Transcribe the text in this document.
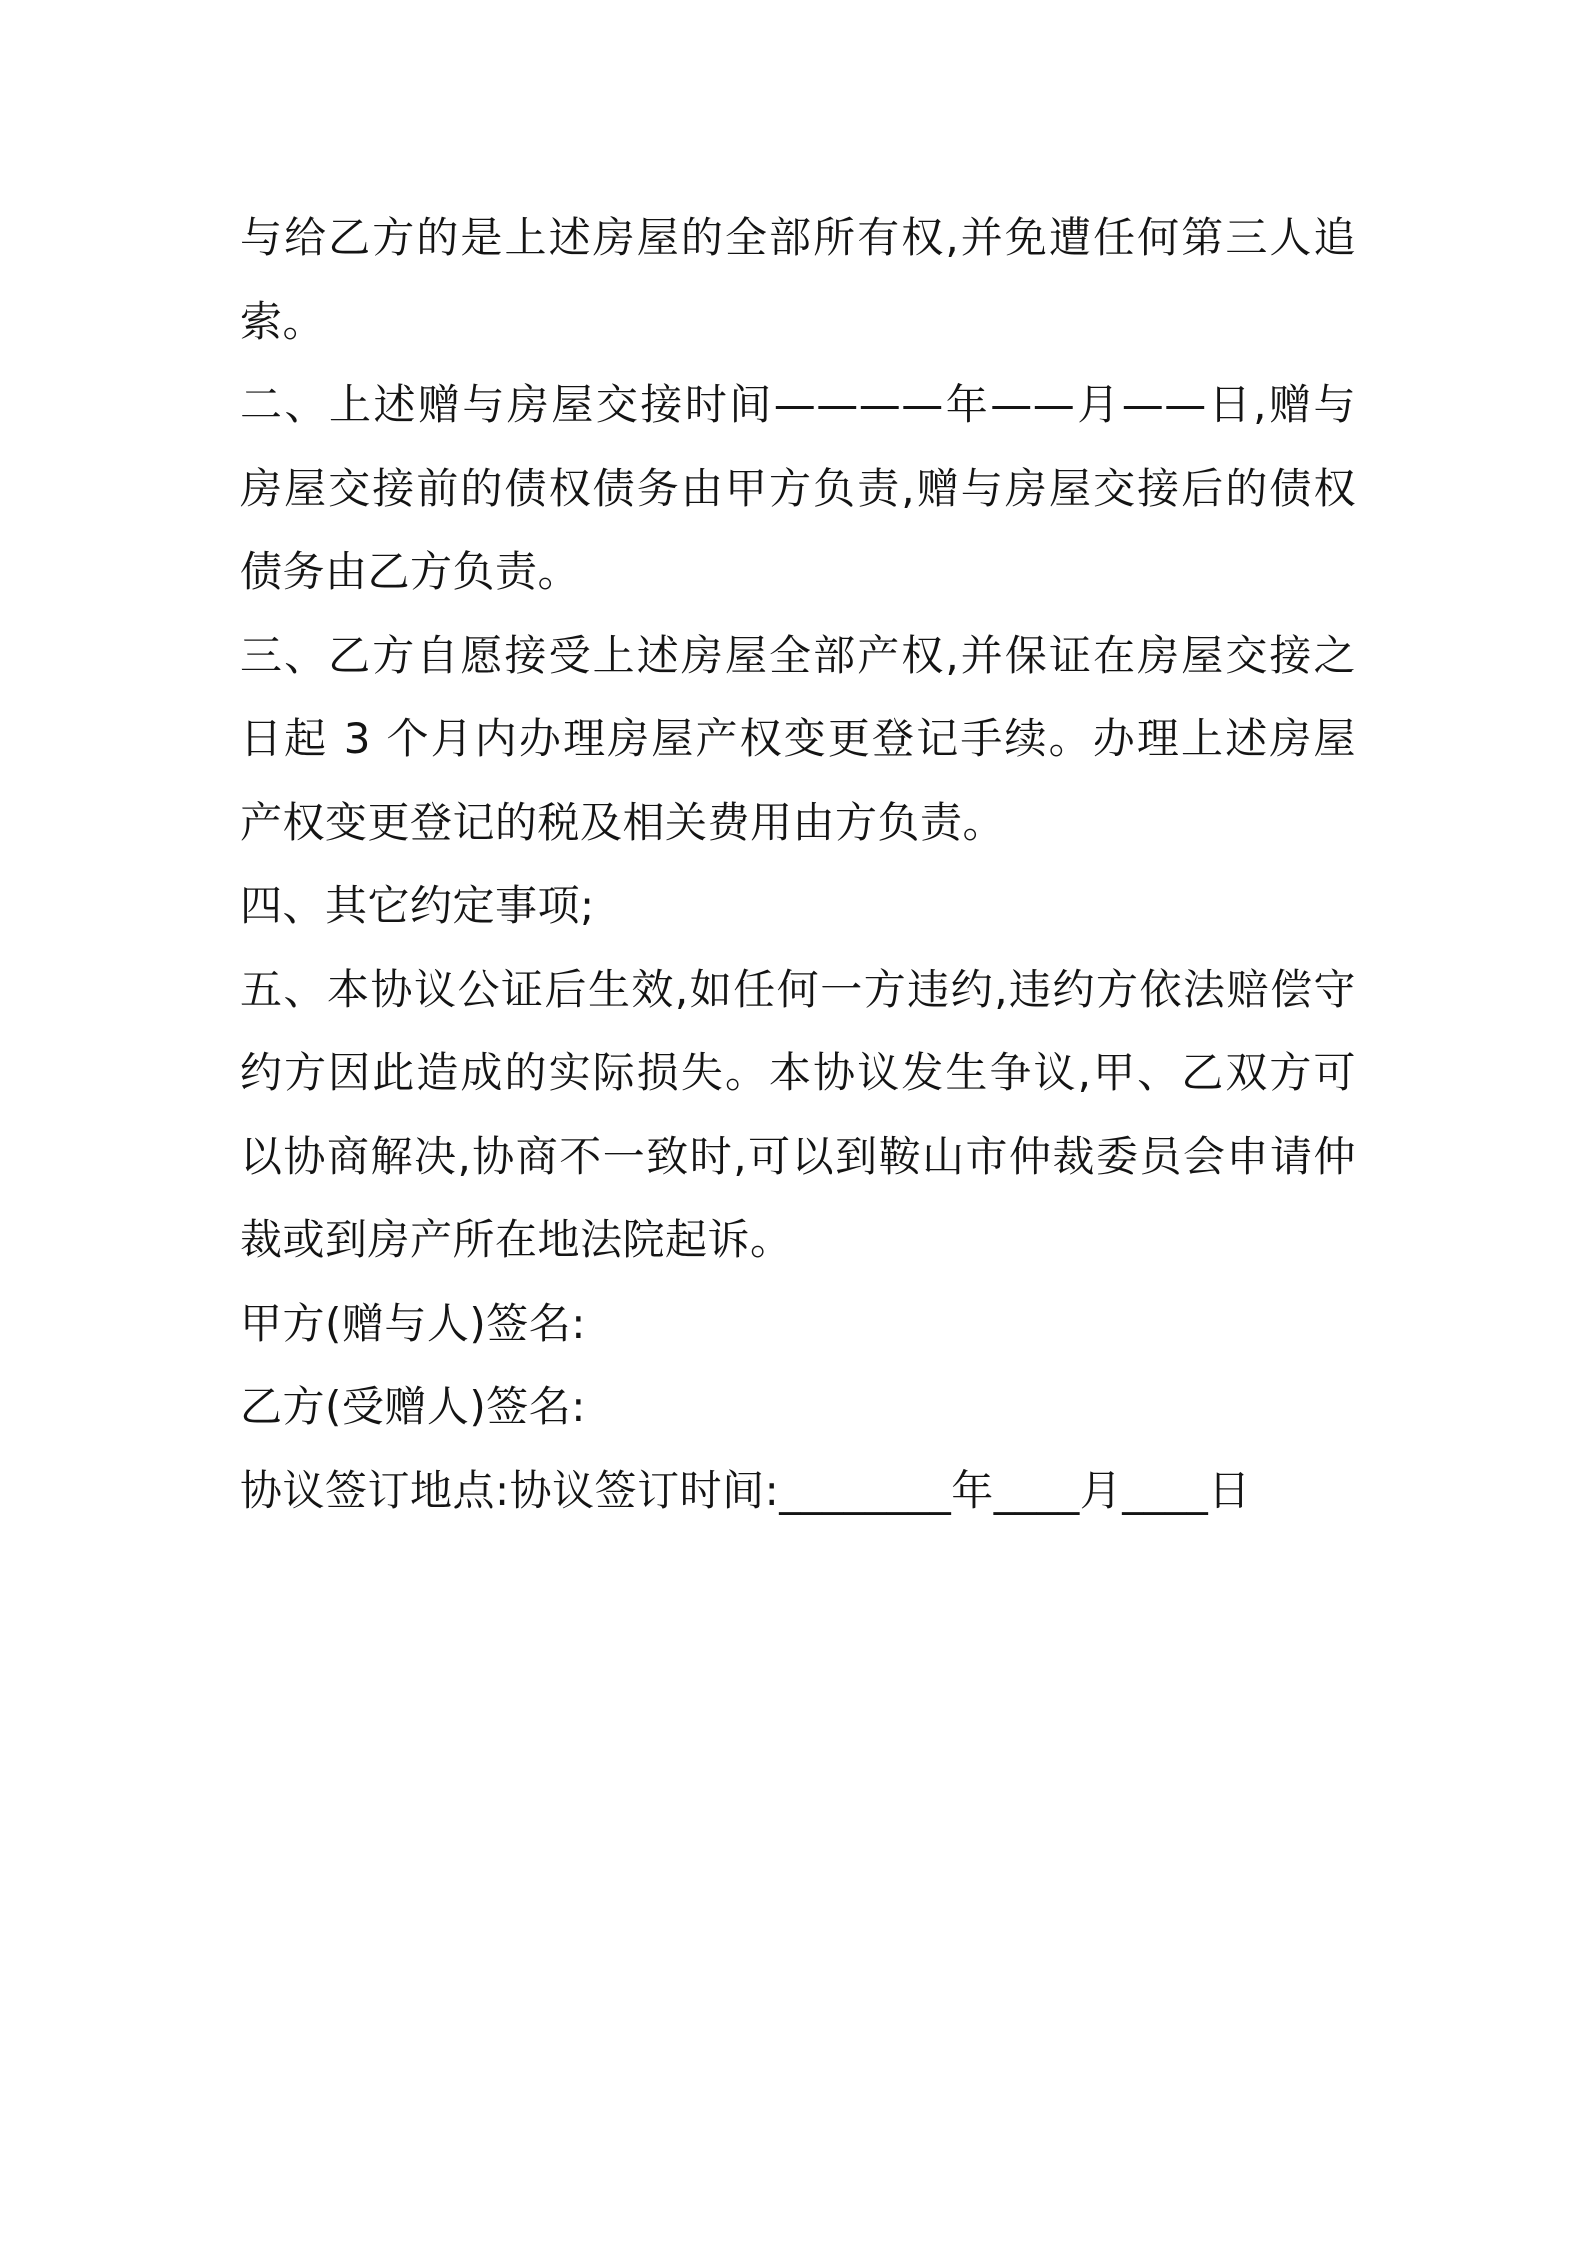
与给乙方的是上述房屋的全部所有权,并免遭任何第三人追索。

二、上述赠与房屋交接时间————年——月——日,赠与房屋交接前的债权债务由甲方负责,赠与房屋交接后的债权债务由乙方负责。

三、乙方自愿接受上述房屋全部产权,并保证在房屋交接之日起 3 个月内办理房屋产权变更登记手续。办理上述房屋产权变更登记的税及相关费用由方负责。

四、其它约定事项;

五、本协议公证后生效,如任何一方违约,违约方依法赔偿守约方因此造成的实际损失。本协议发生争议,甲、乙双方可以协商解决,协商不一致时,可以到鞍山市仲裁委员会申请仲裁或到房产所在地法院起诉。

甲方(赠与人)签名:

乙方(受赠人)签名:

协议签订地点:协议签订时间:________年____月____日
